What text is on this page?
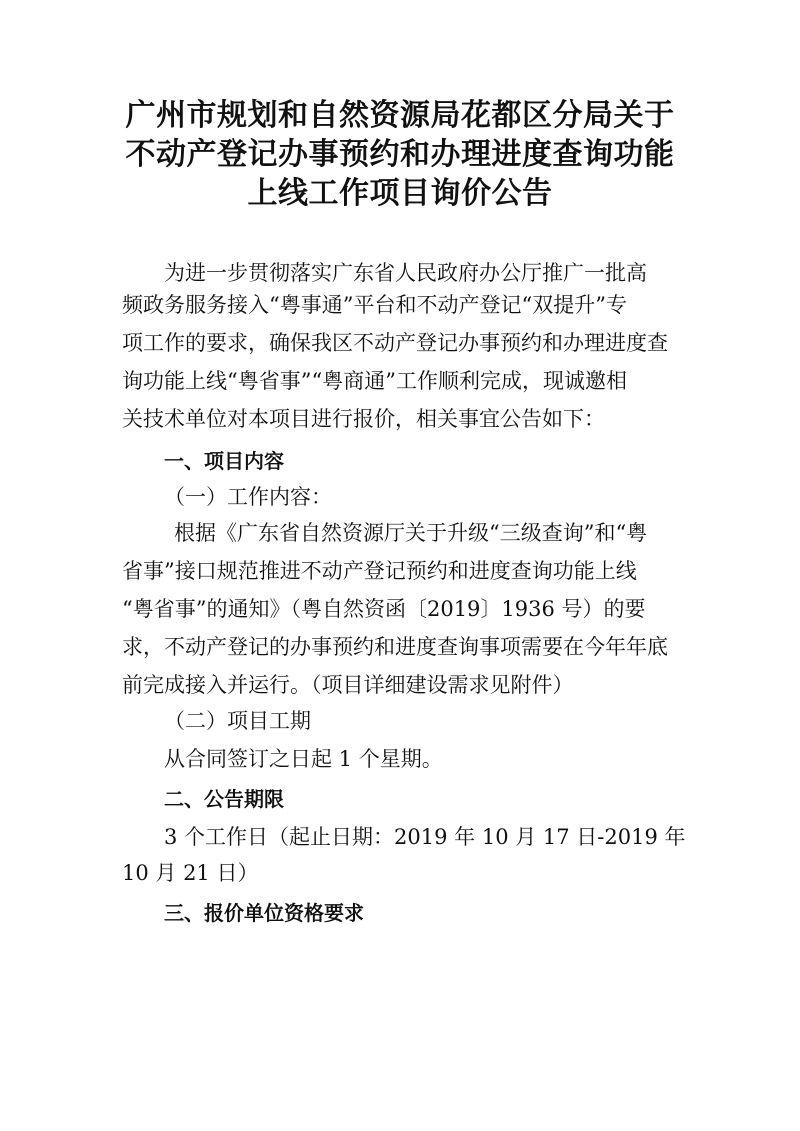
广州市规划和自然资源局花都区分局关于
不动产登记办事预约和办理进度查询功能
上线工作项目询价公告
为进一步贯彻落实广东省人民政府办公厅推广一批高
频政务服务接入“粤事通”平台和不动产登记“双提升”专
项工作的要求，确保我区不动产登记办事预约和办理进度查
询功能上线“粤省事”“粤商通”工作顺利完成，现诚邀相
关技术单位对本项目进行报价，相关事宜公告如下：
一、项目内容
（一）工作内容：
根据《广东省自然资源厅关于升级“三级查询”和“粤
省事”接口规范推进不动产登记预约和进度查询功能上线
“粤省事”的通知》（粤自然资函〔2019〕1936 号）的要
求，不动产登记的办事预约和进度查询事项需要在今年年底
前完成接入并运行。（项目详细建设需求见附件）
（二）项目工期
从合同签订之日起 1 个星期。
二、公告期限
3 个工作日（起止日期：2019 年 10 月 17 日-2019 年
10 月 21 日）
三、报价单位资格要求
